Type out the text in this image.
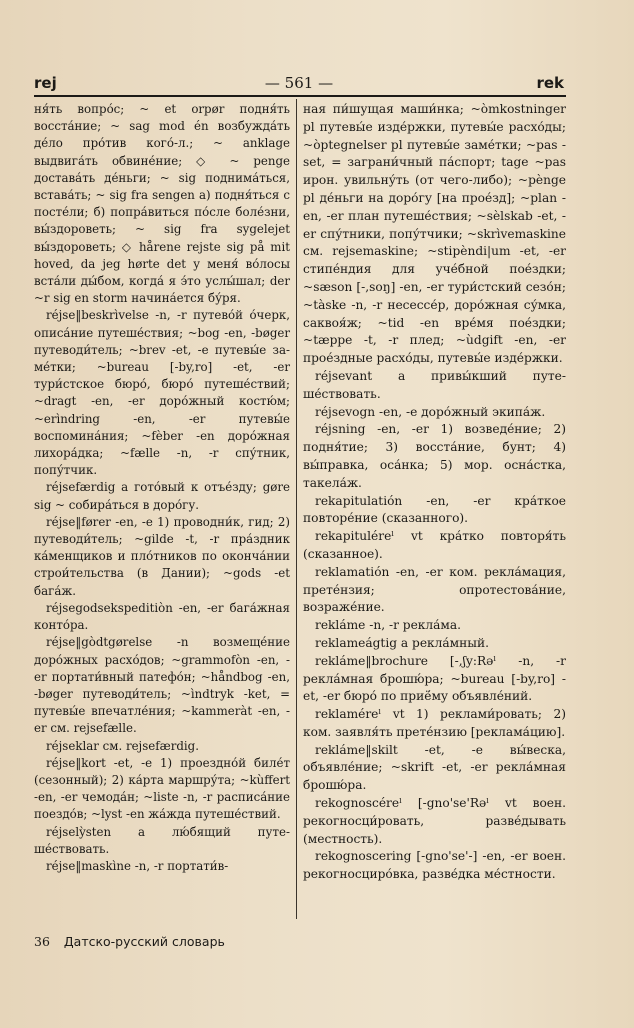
rej	— 561 —	rek

ня́ть вопро́с; ~ et orpør подня́ть восста́ние; ~ sag mod én возбужда́ть де́ло про́тив кого́-л.; ~ anklage выдвига́ть обвине́ние; ◇ ~ penge достава́ть де́ньги; ~ sig поднима́ться, встава́ть; ~ sig fra sengen а) подня́ться с посте́ли; б) попра́виться по́сле боле́зни, вы́здороветь; ~ sig fra sygelejet вы́здороветь; ◇ hårene rejste sig på mit hoved, da jeg hørte det у меня́ во́лосы вста́ли ды́бом, когда́ я э́то услы́шал; der ~r sig en storm начина́ется бу́ря.

réjse‖beskrìvelse -n, -r путево́й о́черк, описа́ние путеше́ствия; ~bog -en, -bøger путеводи́тель; ~brev -et, -e путевы́е заме́тки; ~bureau [-by,ro] -et, -er тури́стское бюро́, бюро́ путеше́ствий; ~dragt -en, -er доро́жный костю́м; ~erìndring -en, -er путевы́е воспомина́ния; ~fèber -en доро́жная лихора́дка; ~fælle -n, -r спу́тник, попу́тчик.

réjsefærdig a гото́вый к отъе́зду; gøre sig ~ собира́ться в доро́гу.

réjse‖fører -en, -e 1) проводни́к, гид; 2) путеводи́тель; ~gilde -t, -r пра́здник ка́менщиков и пло́тников по оконча́нии строи́тельства (в Дании); ~gods -et бага́ж.

réjsegodsekspeditiòn -en, -er бага́жная конто́ра.

réjse‖gòdtgørelse -n возмеще́ние доро́жных расхо́дов; ~grammofòn -en, -er портати́вный патефо́н; ~håndbog -en, -bøger путеводи́тель; ~ìndtryk -ket, = путевы́е впечатле́ния; ~kammeràt -en, -er см. rejsefælle.

réjseklar см. rejsefærdig.

réjse‖kort -et, -e 1) проездно́й биле́т (сезонный); 2) ка́рта маршру́та; ~kùffert -en, -er чемода́н; ~liste -n, -r расписа́ние поездо́в; ~lyst -en жа́жда путеше́ствий.

réjselỳsten a лю́бящий путеше́ствовать.

réjse‖maskìne -n, -r портати́в-

ная пи́шущая маши́нка; ~òmkostninger pl путевы́е изде́ржки, путевы́е расхо́ды; ~òptegnelser pl путевы́е заме́тки; ~pas -set, = заграни́чный па́спорт; tage ~pas ирон. увильну́ть (от чего-либо); ~pènge pl де́ньги на доро́гу [на прое́зд]; ~plan -en, -er план путеше́ствия; ~sèlskab -et, -er спу́тники, попу́тчики; ~skrìvemaskine см. rejsemaskine; ~stipèndi|um -et, -er стипе́ндия для уче́бной пое́здки; ~sæson [-,soŋ] -en, -er тури́стский сезо́н; ~tàske -n, -r несессе́р, доро́жная су́мка, саквоя́ж; ~tid -en вре́мя пое́здки; ~tæppe -t, -r плед; ~ùdgift -en, -er прое́здные расхо́ды, путевы́е изде́ржки.

réjsevant a привы́кший путеше́ствовать.

réjsevogn -en, -e доро́жный экипа́ж.

réjsning -en, -er 1) возведе́ние; 2) подня́тие; 3) восста́ние, бунт; 4) вы́правка, оса́нка; 5) мор. осна́стка, такела́ж.

rekapitulatión -en, -er кра́ткое повторе́ние (сказанного).

rekapituléreˡ vt кра́тко повторя́ть (сказанное).

reklamatión -en, -er ком. рекла́мация, прете́нзия; опротестова́ние, возраже́ние.

rekláme -n, -r рекла́ма.

reklameágtig a рекла́мный.

rekláme‖brochure [-,ʃy:Rəˡ -n, -r рекла́мная брошю́ра; ~bureau [-by,ro] -et, -er бюро́ по приё́му объявле́ний.

reklaméreˡ vt 1) реклами́ровать; 2) ком. заявля́ть прете́нзию [реклама́цию].

rekláme‖skilt -et, -e вы́веска, объявле́ние; ~skrift -et, -er рекла́мная брошю́ра.

rekognoscéreˡ [-gno'se'Rəˡ vt воен. рекогносци́ровать, разве́дывать (местность).

rekognoscering [-gno'se'-] -en, -er воен. рекогносциро́вка, разве́дка ме́стности.

36 Датско-русский словарь
